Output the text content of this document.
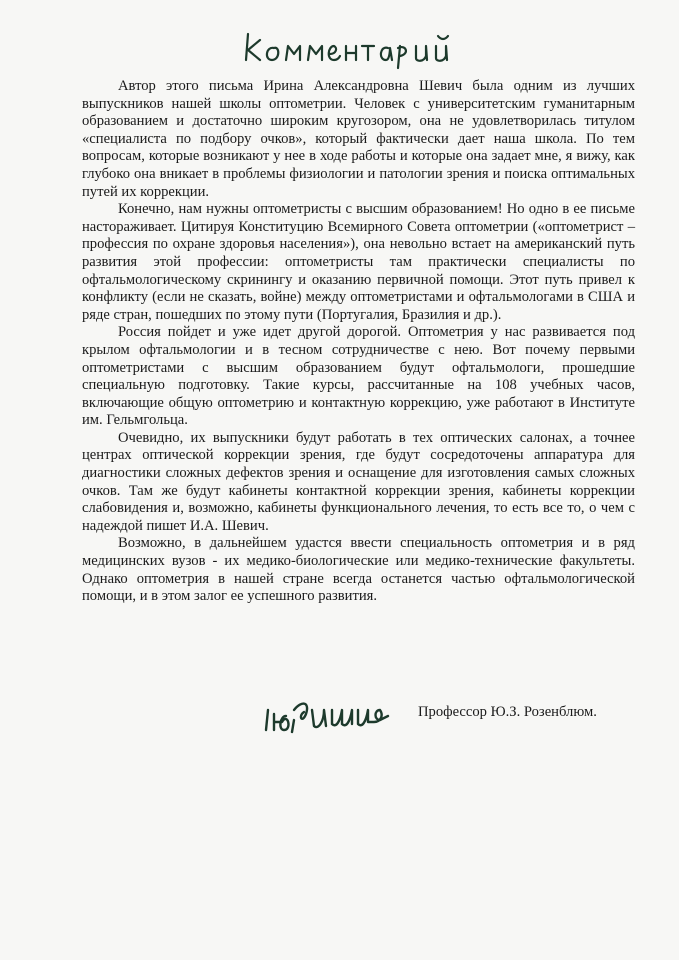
Автор этого письма Ирина Александровна Шевич была одним из лучших выпускников нашей школы оптометрии. Человек с университетским гуманитарным образованием и достаточно широким кругозором, она не удовлетворилась титулом «специалиста по подбору очков», который фактически дает наша школа. По тем вопросам, которые возникают у нее в ходе работы и которые она задает мне, я вижу, как глубоко она вникает в проблемы физиологии и патологии зрения и поиска оптимальных путей их коррекции.

Конечно, нам нужны оптометристы с высшим образованием! Но одно в ее письме настораживает. Цитируя Конституцию Всемирного Совета оптометрии («оптометрист – профессия по охране здоровья населения»), она невольно встает на американский путь развития этой профессии: оптометристы там практически специалисты по офтальмологическому скринингу и оказанию первичной помощи. Этот путь привел к конфликту (если не сказать, войне) между оптометристами и офтальмологами в США и ряде стран, пошедших по этому пути (Португалия, Бразилия и др.).

Россия пойдет и уже идет другой дорогой. Оптометрия у нас развивается под крылом офтальмологии и в тесном сотрудничестве с нею. Вот почему первыми оптометристами с высшим образованием будут офтальмологи, прошедшие специальную подготовку. Такие курсы, рассчитанные на 108 учебных часов, включающие общую оптометрию и контактную коррекцию, уже работают в Институте им. Гельмгольца.

Очевидно, их выпускники будут работать в тех оптических салонах, а точнее центрах оптической коррекции зрения, где будут сосредоточены аппаратура для диагностики сложных дефектов зрения и оснащение для изготовления самых сложных очков. Там же будут кабинеты контактной коррекции зрения, кабинеты коррекции слабовидения и, возможно, кабинеты функционального лечения, то есть все то, о чем с надеждой пишет И.А. Шевич.

Возможно, в дальнейшем удастся ввести специальность оптометрия и в ряд медицинских вузов - их медико-биологические или медико-технические факультеты. Однако оптометрия в нашей стране всегда останется частью офтальмологической помощи, и в этом залог ее успешного развития.

Профессор Ю.З. Розенблюм.
